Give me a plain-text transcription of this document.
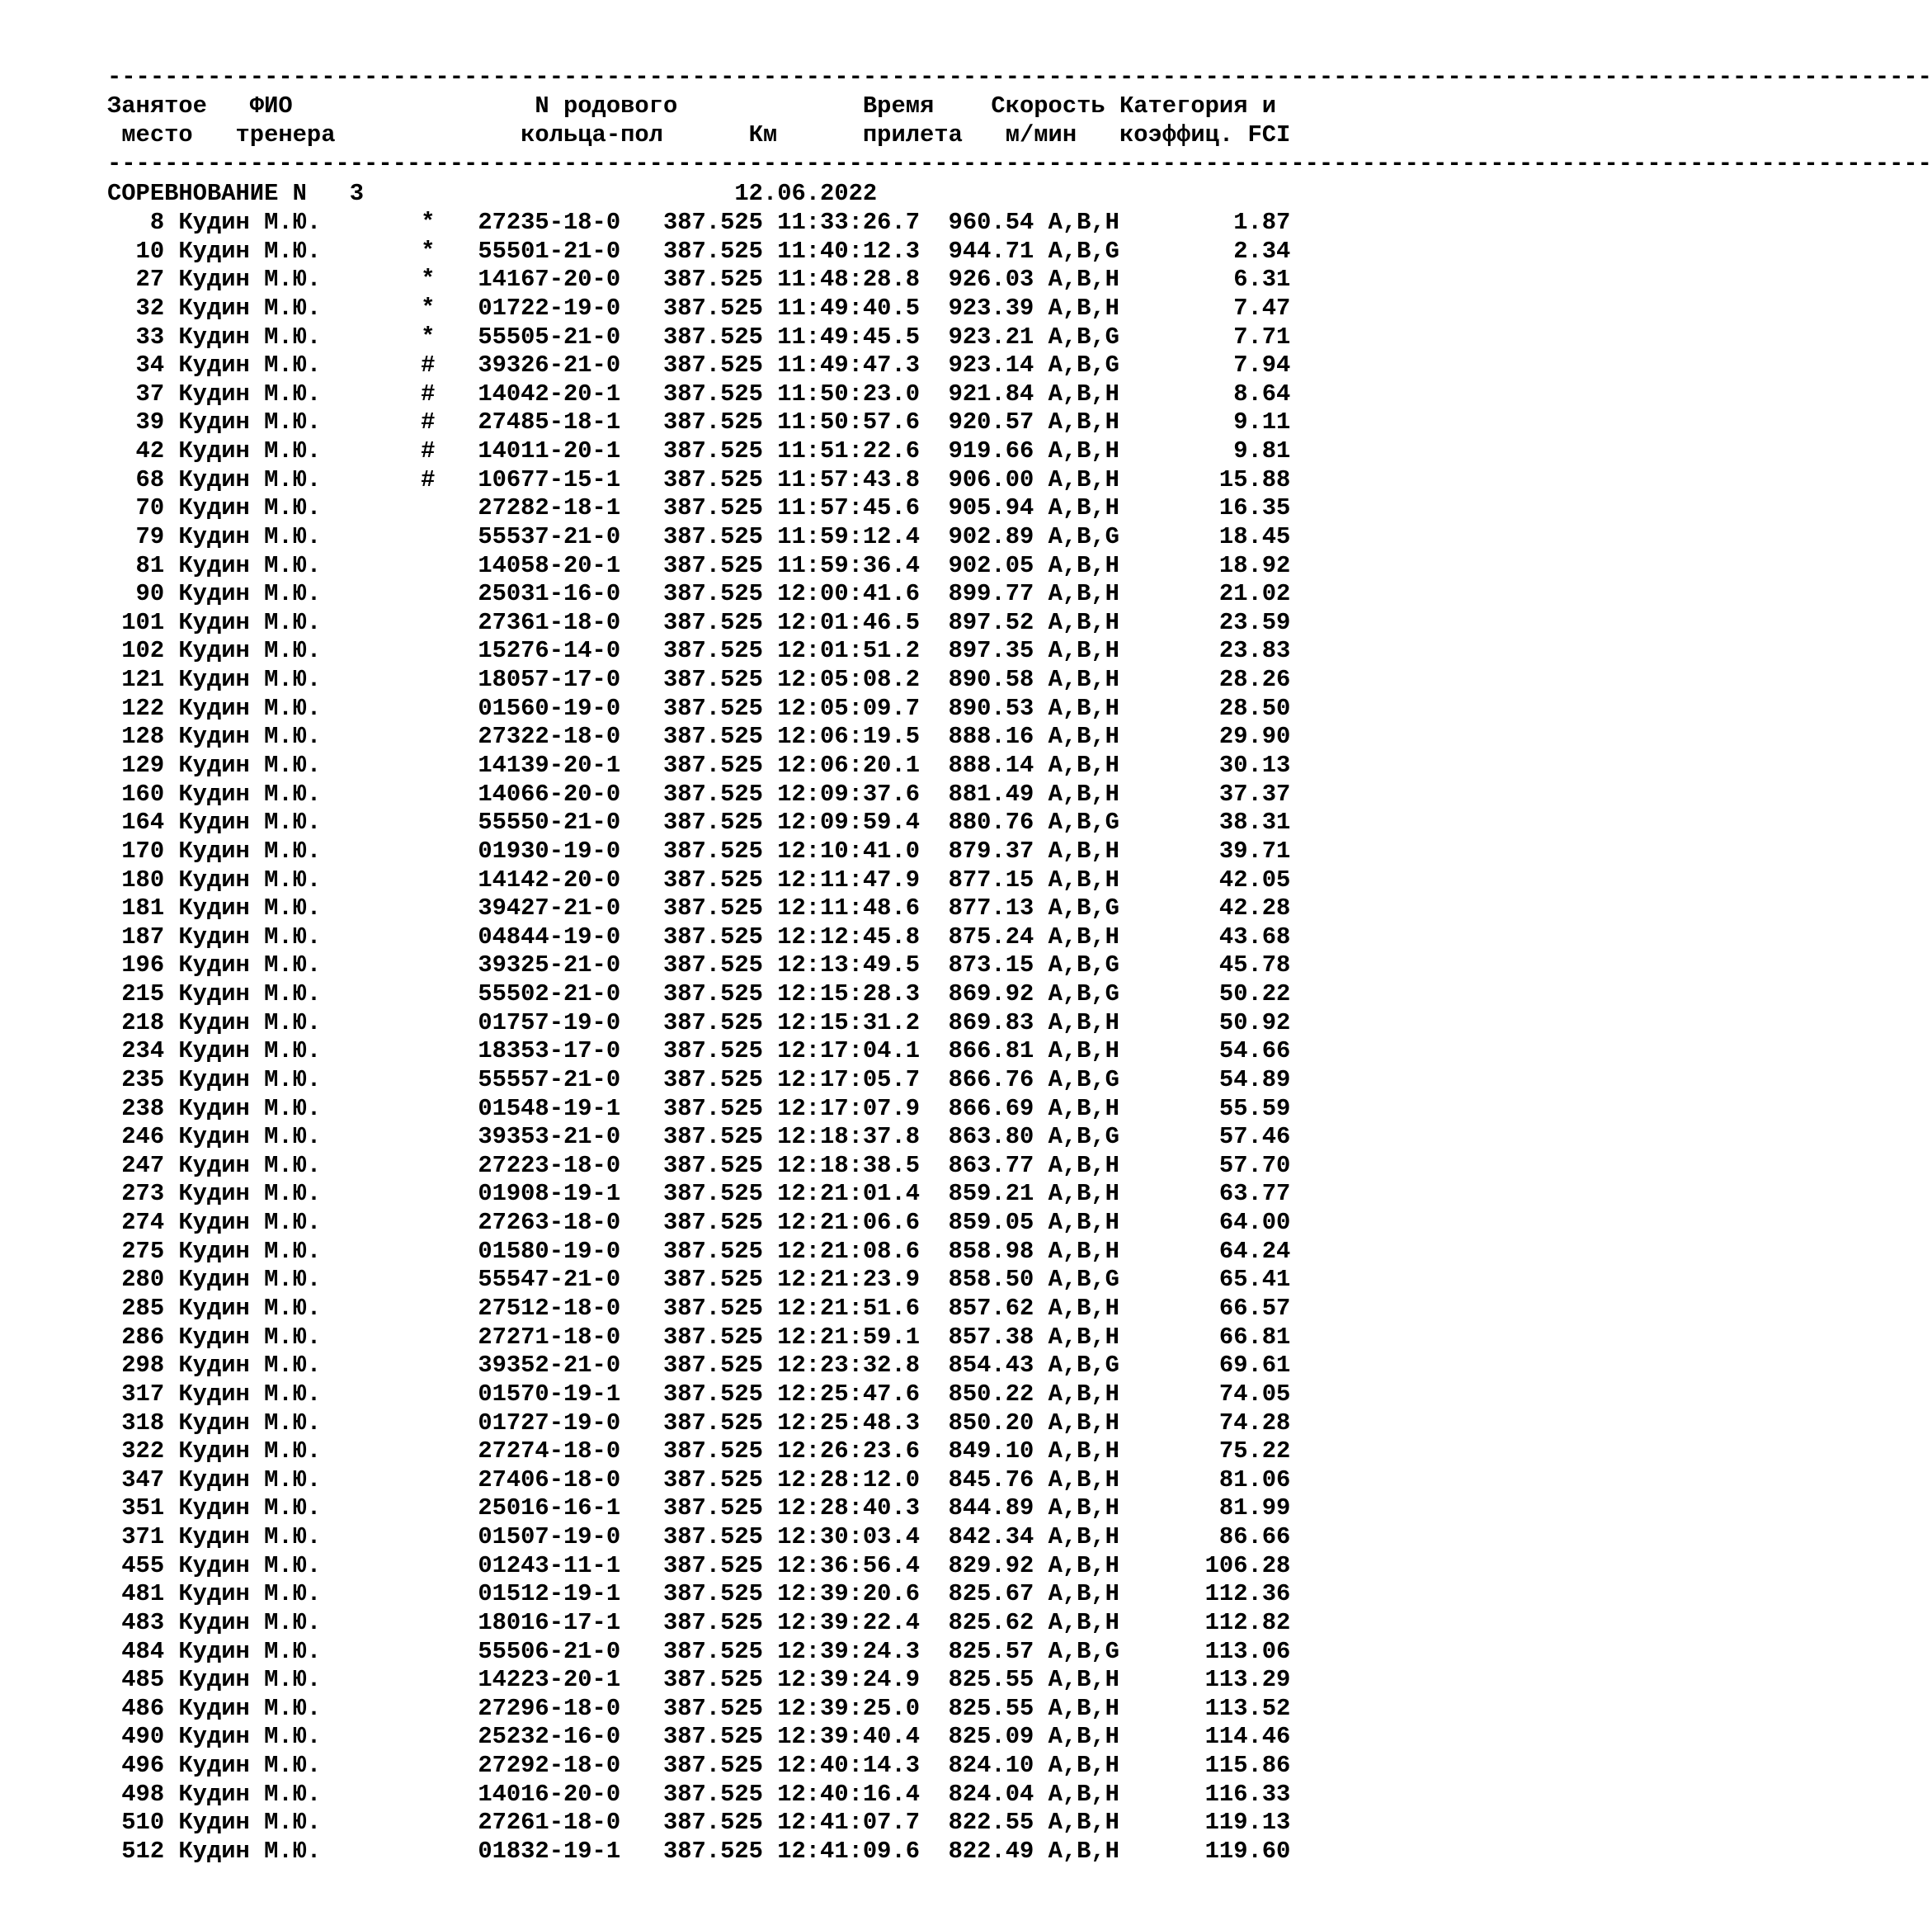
--------------------------------------------------------------------------------------------------------------------------------
Занятое   ФИО                 N родового             Время    Скорость Категория и
место   тренера             кольца-пол      Км      прилета   м/мин   коэффиц. FCI
--------------------------------------------------------------------------------------------------------------------------------
СОРЕВНОВАНИЕ N   3	12.06.2022
8 Кудин М.Ю.       *   27235-18-0   387.525 11:33:26.7  960.54 A,B,H        1.87
10 Кудин М.Ю.       *   55501-21-0   387.525 11:40:12.3  944.71 A,B,G        2.34
27 Кудин М.Ю.       *   14167-20-0   387.525 11:48:28.8  926.03 A,B,H        6.31
32 Кудин М.Ю.       *   01722-19-0   387.525 11:49:40.5  923.39 A,B,H        7.47
33 Кудин М.Ю.       *   55505-21-0   387.525 11:49:45.5  923.21 A,B,G        7.71
34 Кудин М.Ю.       #   39326-21-0   387.525 11:49:47.3  923.14 A,B,G        7.94
37 Кудин М.Ю.       #   14042-20-1   387.525 11:50:23.0  921.84 A,B,H        8.64
39 Кудин М.Ю.       #   27485-18-1   387.525 11:50:57.6  920.57 A,B,H        9.11
42 Кудин М.Ю.       #   14011-20-1   387.525 11:51:22.6  919.66 A,B,H        9.81
68 Кудин М.Ю.       #   10677-15-1   387.525 11:57:43.8  906.00 A,B,H       15.88
70 Кудин М.Ю.	27282-18-1   387.525 11:57:45.6  905.94 A,B,H       16.35
79 Кудин М.Ю.	55537-21-0   387.525 11:59:12.4  902.89 A,B,G       18.45
81 Кудин М.Ю.	14058-20-1   387.525 11:59:36.4  902.05 A,B,H       18.92
90 Кудин М.Ю.	25031-16-0   387.525 12:00:41.6  899.77 A,B,H       21.02
101 Кудин М.Ю.	27361-18-0   387.525 12:01:46.5  897.52 A,B,H       23.59
102 Кудин М.Ю.	15276-14-0   387.525 12:01:51.2  897.35 A,B,H       23.83
121 Кудин М.Ю.	18057-17-0   387.525 12:05:08.2  890.58 A,B,H       28.26
122 Кудин М.Ю.	01560-19-0   387.525 12:05:09.7  890.53 A,B,H       28.50
128 Кудин М.Ю.	27322-18-0   387.525 12:06:19.5  888.16 A,B,H       29.90
129 Кудин М.Ю.	14139-20-1   387.525 12:06:20.1  888.14 A,B,H       30.13
160 Кудин М.Ю.	14066-20-0   387.525 12:09:37.6  881.49 A,B,H       37.37
164 Кудин М.Ю.	55550-21-0   387.525 12:09:59.4  880.76 A,B,G       38.31
170 Кудин М.Ю.	01930-19-0   387.525 12:10:41.0  879.37 A,B,H       39.71
180 Кудин М.Ю.	14142-20-0   387.525 12:11:47.9  877.15 A,B,H       42.05
181 Кудин М.Ю.	39427-21-0   387.525 12:11:48.6  877.13 A,B,G       42.28
187 Кудин М.Ю.	04844-19-0   387.525 12:12:45.8  875.24 A,B,H       43.68
196 Кудин М.Ю.	39325-21-0   387.525 12:13:49.5  873.15 A,B,G       45.78
215 Кудин М.Ю.	55502-21-0   387.525 12:15:28.3  869.92 A,B,G       50.22
218 Кудин М.Ю.	01757-19-0   387.525 12:15:31.2  869.83 A,B,H       50.92
234 Кудин М.Ю.	18353-17-0   387.525 12:17:04.1  866.81 A,B,H       54.66
235 Кудин М.Ю.	55557-21-0   387.525 12:17:05.7  866.76 A,B,G       54.89
238 Кудин М.Ю.	01548-19-1   387.525 12:17:07.9  866.69 A,B,H       55.59
246 Кудин М.Ю.	39353-21-0   387.525 12:18:37.8  863.80 A,B,G       57.46
247 Кудин М.Ю.	27223-18-0   387.525 12:18:38.5  863.77 A,B,H       57.70
273 Кудин М.Ю.	01908-19-1   387.525 12:21:01.4  859.21 A,B,H       63.77
274 Кудин М.Ю.	27263-18-0   387.525 12:21:06.6  859.05 A,B,H       64.00
275 Кудин М.Ю.	01580-19-0   387.525 12:21:08.6  858.98 A,B,H       64.24
280 Кудин М.Ю.	55547-21-0   387.525 12:21:23.9  858.50 A,B,G       65.41
285 Кудин М.Ю.	27512-18-0   387.525 12:21:51.6  857.62 A,B,H       66.57
286 Кудин М.Ю.	27271-18-0   387.525 12:21:59.1  857.38 A,B,H       66.81
298 Кудин М.Ю.	39352-21-0   387.525 12:23:32.8  854.43 A,B,G       69.61
317 Кудин М.Ю.	01570-19-1   387.525 12:25:47.6  850.22 A,B,H       74.05
318 Кудин М.Ю.	01727-19-0   387.525 12:25:48.3  850.20 A,B,H       74.28
322 Кудин М.Ю.	27274-18-0   387.525 12:26:23.6  849.10 A,B,H       75.22
347 Кудин М.Ю.	27406-18-0   387.525 12:28:12.0  845.76 A,B,H       81.06
351 Кудин М.Ю.	25016-16-1   387.525 12:28:40.3  844.89 A,B,H       81.99
371 Кудин М.Ю.	01507-19-0   387.525 12:30:03.4  842.34 A,B,H       86.66
455 Кудин М.Ю.	01243-11-1   387.525 12:36:56.4  829.92 A,B,H      106.28
481 Кудин М.Ю.	01512-19-1   387.525 12:39:20.6  825.67 A,B,H      112.36
483 Кудин М.Ю.	18016-17-1   387.525 12:39:22.4  825.62 A,B,H      112.82
484 Кудин М.Ю.	55506-21-0   387.525 12:39:24.3  825.57 A,B,G      113.06
485 Кудин М.Ю.	14223-20-1   387.525 12:39:24.9  825.55 A,B,H      113.29
486 Кудин М.Ю.	27296-18-0   387.525 12:39:25.0  825.55 A,B,H      113.52
490 Кудин М.Ю.	25232-16-0   387.525 12:39:40.4  825.09 A,B,H      114.46
496 Кудин М.Ю.	27292-18-0   387.525 12:40:14.3  824.10 A,B,H      115.86
498 Кудин М.Ю.	14016-20-0   387.525 12:40:16.4  824.04 A,B,H      116.33
510 Кудин М.Ю.	27261-18-0   387.525 12:41:07.7  822.55 A,B,H      119.13
512 Кудин М.Ю.	01832-19-1   387.525 12:41:09.6  822.49 A,B,H      119.60
